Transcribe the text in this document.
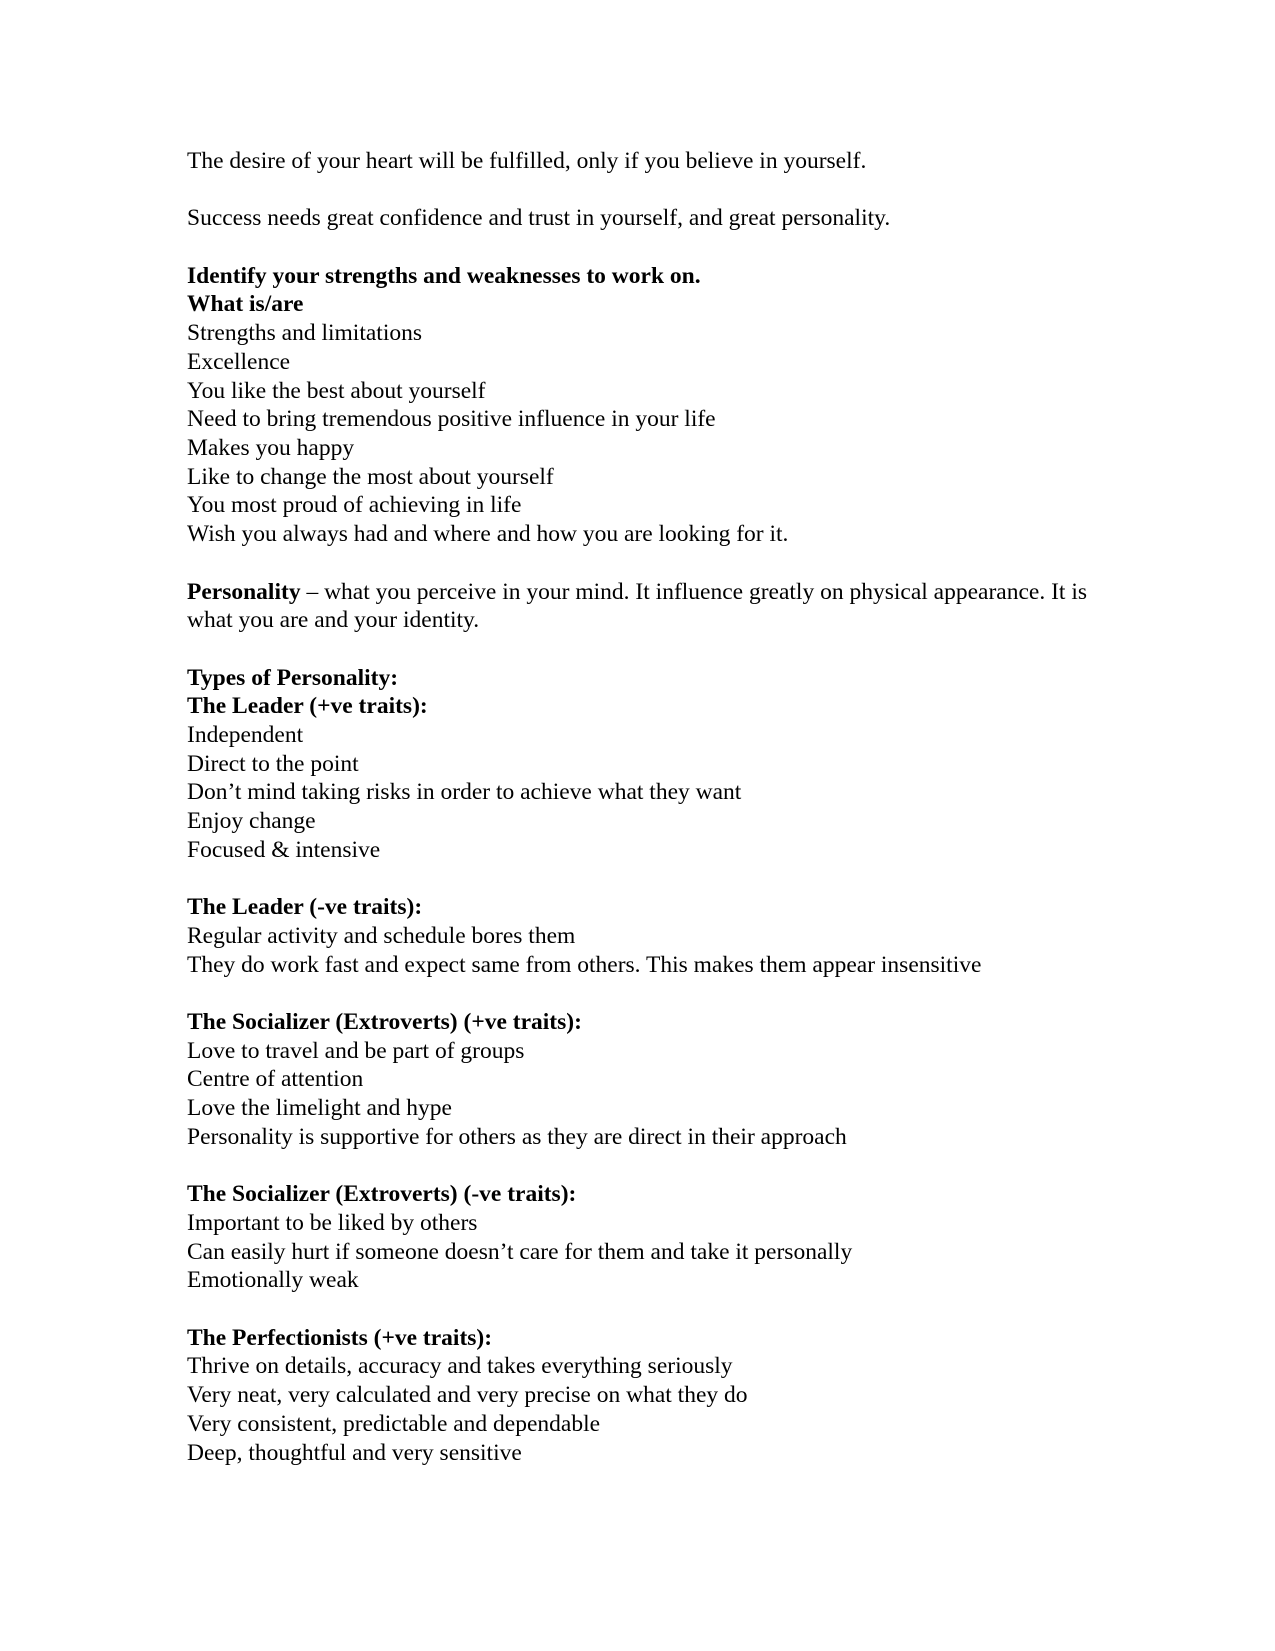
The desire of your heart will be fulfilled, only if you believe in yourself.

Success needs great confidence and trust in yourself, and great personality.

Identify your strengths and weaknesses to work on.

What is/are

Strengths and limitations

Excellence

You like the best about yourself

Need to bring tremendous positive influence in your life

Makes you happy

Like to change the most about yourself

You most proud of achieving in life

Wish you always had and where and how you are looking for it.

Personality – what you perceive in your mind. It influence greatly on physical appearance. It is what you are and your identity.

Types of Personality:

The Leader (+ve traits):

Independent

Direct to the point

Don’t mind taking risks in order to achieve what they want

Enjoy change

Focused & intensive

The Leader (-ve traits):

Regular activity and schedule bores them

They do work fast and expect same from others. This makes them appear insensitive

The Socializer (Extroverts) (+ve traits):

Love to travel and be part of groups

Centre of attention

Love the limelight and hype

Personality is supportive for others as they are direct in their approach

The Socializer (Extroverts) (-ve traits):

Important to be liked by others

Can easily hurt if someone doesn’t care for them and take it personally

Emotionally weak

The Perfectionists (+ve traits):

Thrive on details, accuracy and takes everything seriously

Very neat, very calculated and very precise on what they do

Very consistent, predictable and dependable

Deep, thoughtful and very sensitive
